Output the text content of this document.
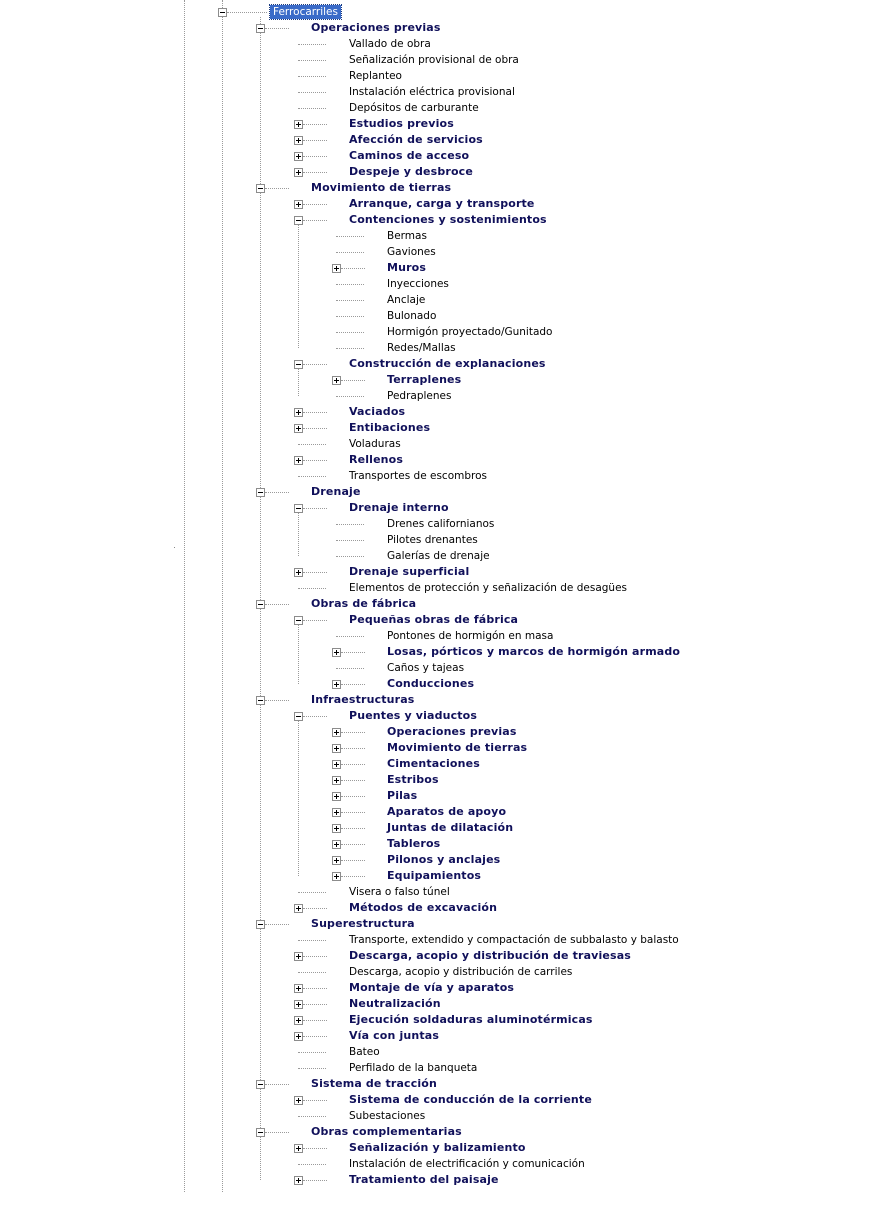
Ferrocarriles
Operaciones previas
Vallado de obra
Señalización provisional de obra
Replanteo
Instalación eléctrica provisional
Depósitos de carburante
Estudios previos
Afección de servicios
Caminos de acceso
Despeje y desbroce
Movimiento de tierras
Arranque, carga y transporte
Contenciones y sostenimientos
Bermas
Gaviones
Muros
Inyecciones
Anclaje
Bulonado
Hormigón proyectado/Gunitado
Redes/Mallas
Construcción de explanaciones
Terraplenes
Pedraplenes
Vaciados
Entibaciones
Voladuras
Rellenos
Transportes de escombros
Drenaje
Drenaje interno
Drenes californianos
Pilotes drenantes
Galerías de drenaje
Drenaje superficial
Elementos de protección y señalización de desagües
Obras de fábrica
Pequeñas obras de fábrica
Pontones de hormigón en masa
Losas, pórticos y marcos de hormigón armado
Caños y tajeas
Conducciones
Infraestructuras
Puentes y viaductos
Operaciones previas
Movimiento de tierras
Cimentaciones
Estribos
Pilas
Aparatos de apoyo
Juntas de dilatación
Tableros
Pilonos y anclajes
Equipamientos
Visera o falso túnel
Métodos de excavación
Superestructura
Transporte, extendido y compactación de subbalasto y balasto
Descarga, acopio y distribución de traviesas
Descarga, acopio y distribución de carriles
Montaje de vía y aparatos
Neutralización
Ejecución soldaduras aluminotérmicas
Vía con juntas
Bateo
Perfilado de la banqueta
Sistema de tracción
Sistema de conducción de la corriente
Subestaciones
Obras complementarias
Señalización y balizamiento
Instalación de electrificación y comunicación
Tratamiento del paisaje
